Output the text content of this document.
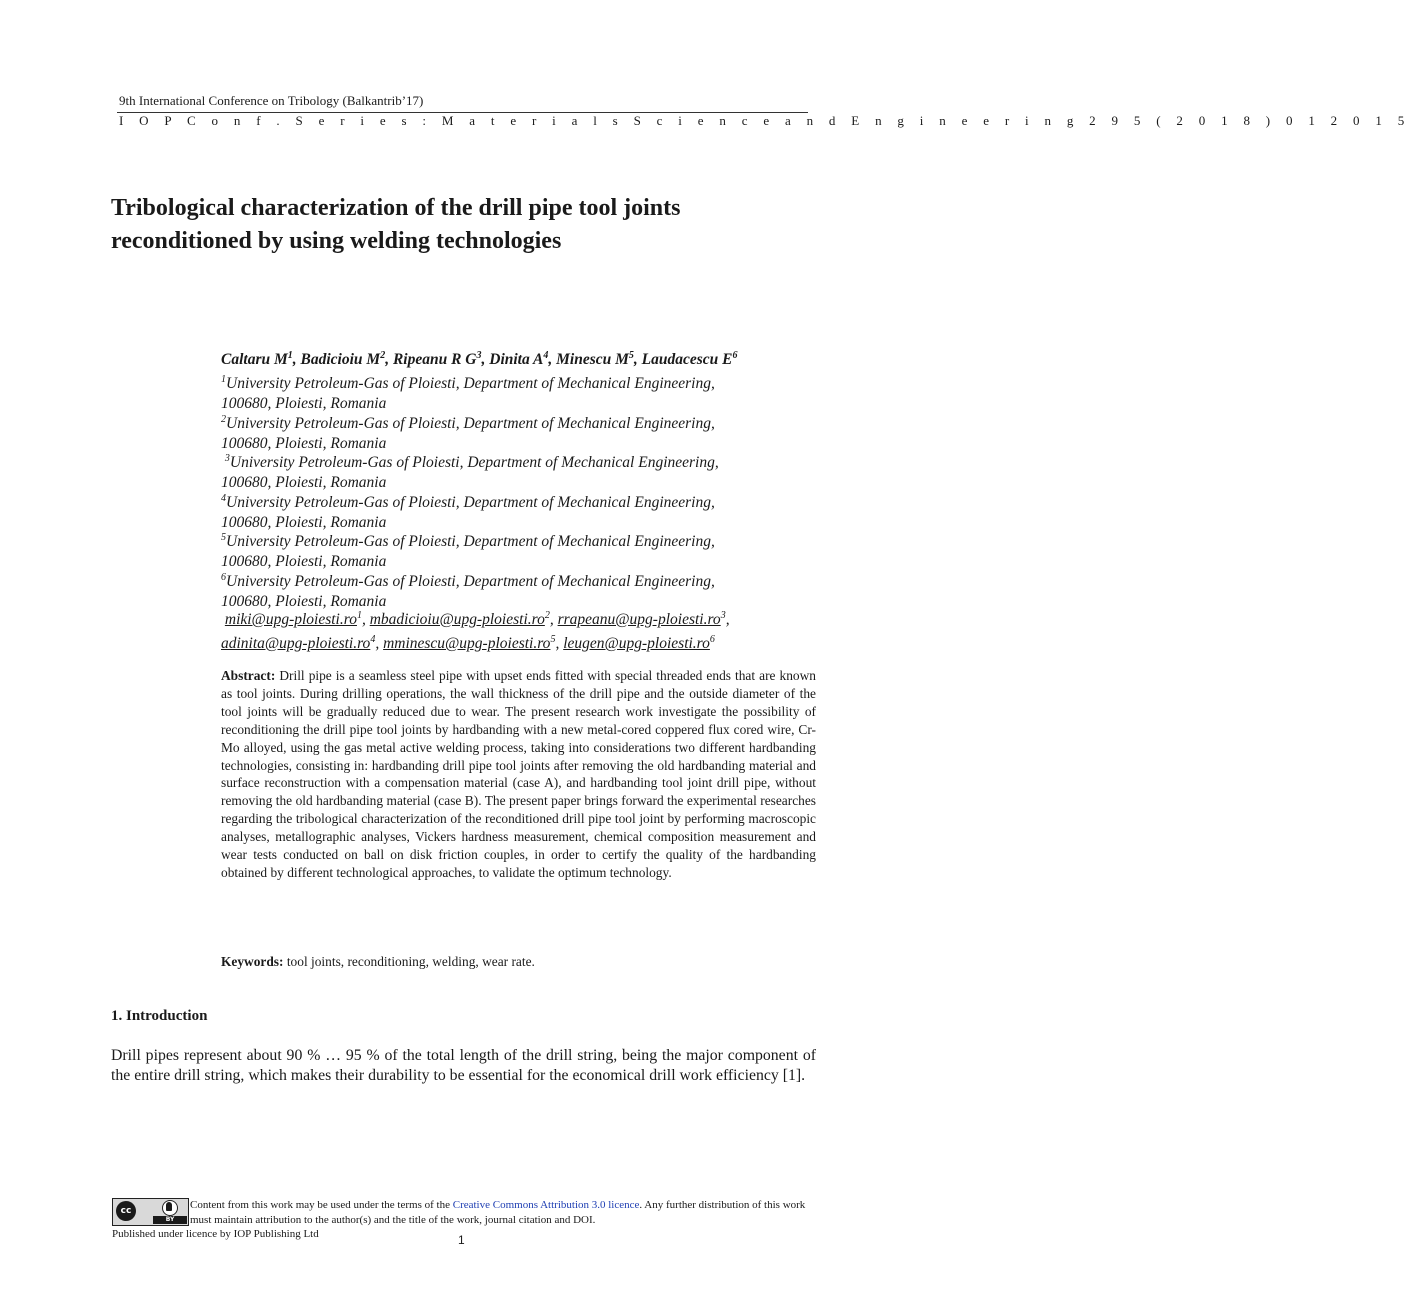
9th International Conference on Tribology (Balkantrib’17)
I O P C o n f . S e r i e s : M a t e r i a l s S c i e n c e a n d E n g i n e e r i n g 2 9 5 ( 2 0 1 8 ) 0 1 2 0 1 5
Tribological characterization of the drill pipe tool joints
reconditioned by using welding technologies
Caltaru $M^1$, Badicioiu $M^2$, Ripeanu R $G^3$, Dinita $A^4$, Minescu $M^5$, Laudacescu $E^6$
$^1$University Petroleum-Gas of Ploiesti, Department of Mechanical Engineering,
100680, Ploiesti, Romania
$^2$University Petroleum-Gas of Ploiesti, Department of Mechanical Engineering,
100680, Ploiesti, Romania
$^3$University Petroleum-Gas of Ploiesti, Department of Mechanical Engineering,
100680, Ploiesti, Romania
$^4$University Petroleum-Gas of Ploiesti, Department of Mechanical Engineering,
100680, Ploiesti, Romania
$^5$University Petroleum-Gas of Ploiesti, Department of Mechanical Engineering,
100680, Ploiesti, Romania
$^6$University Petroleum-Gas of Ploiesti, Department of Mechanical Engineering,
100680, Ploiesti, Romania
$miki@upg-ploiesti.ro^1$, $mbadicioiu@upg-ploiesti.ro^2$, $rrapeanu@upg-ploiesti.ro^3$,
$adinita@upg-ploiesti.ro^4$, $mminescu@upg-ploiesti.ro^5$, $leugen@upg-ploiesti.ro^6$
Abstract: Drill pipe is a seamless steel pipe with upset ends fitted with special threaded ends that are known as tool joints. During drilling operations, the wall thickness of the drill pipe and the outside diameter of the tool joints will be gradually reduced due to wear. The present research work investigate the possibility of reconditioning the drill pipe tool joints by hardbanding with a new metal-cored coppered flux cored wire, Cr-Mo alloyed, using the gas metal active welding process, taking into considerations two different hardbanding technologies, consisting in: hardbanding drill pipe tool joints after removing the old hardbanding material and surface reconstruction with a compensation material (case A), and hardbanding tool joint drill pipe, without removing the old hardbanding material (case B). The present paper brings forward the experimental researches regarding the tribological characterization of the reconditioned drill pipe tool joint by performing macroscopic analyses, metallographic analyses, Vickers hardness measurement, chemical composition measurement and wear tests conducted on ball on disk friction couples, in order to certify the quality of the hardbanding obtained by different technological approaches, to validate the optimum technology.
Keywords: tool joints, reconditioning, welding, wear rate.
1. Introduction
Drill pipes represent about 90 % … 95 % of the total length of the drill string, being the major component of the entire drill string, which makes their durability to be essential for the economical drill work efficiency [1].
cc
BY
Content from this work may be used under the terms of the Creative Commons Attribution 3.0 licence. Any further distribution of this work must maintain attribution to the author(s) and the title of the work, journal citation and DOI.
Published under licence by IOP Publishing Ltd	1
